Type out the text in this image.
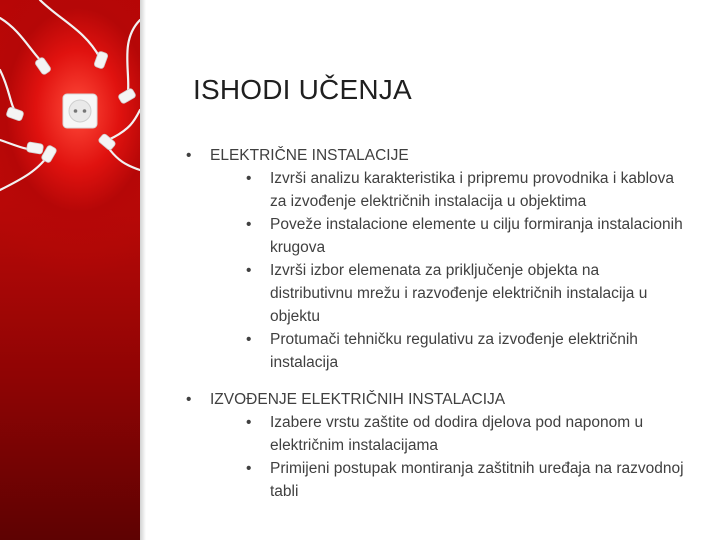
ISHODI UČENJA
• ELEKTRIČNE INSTALACIJE
• Izvrši analizu karakteristika i pripremu provodnika i kablova za izvođenje električnih instalacija u objektima
• Poveže instalacione elemente u cilju formiranja instalacionih krugova
• Izvrši izbor elemenata za priključenje objekta na distributivnu mrežu i razvođenje električnih instalacija u objektu
• Protumači tehničku regulativu za izvođenje električnih instalacija
• IZVOĐENJE ELEKTRIČNIH INSTALACIJA
• Izabere vrstu zaštite od dodira djelova pod naponom u električnim instalacijama
• Primijeni postupak montiranja zaštitnih uređaja na razvodnoj tabli
